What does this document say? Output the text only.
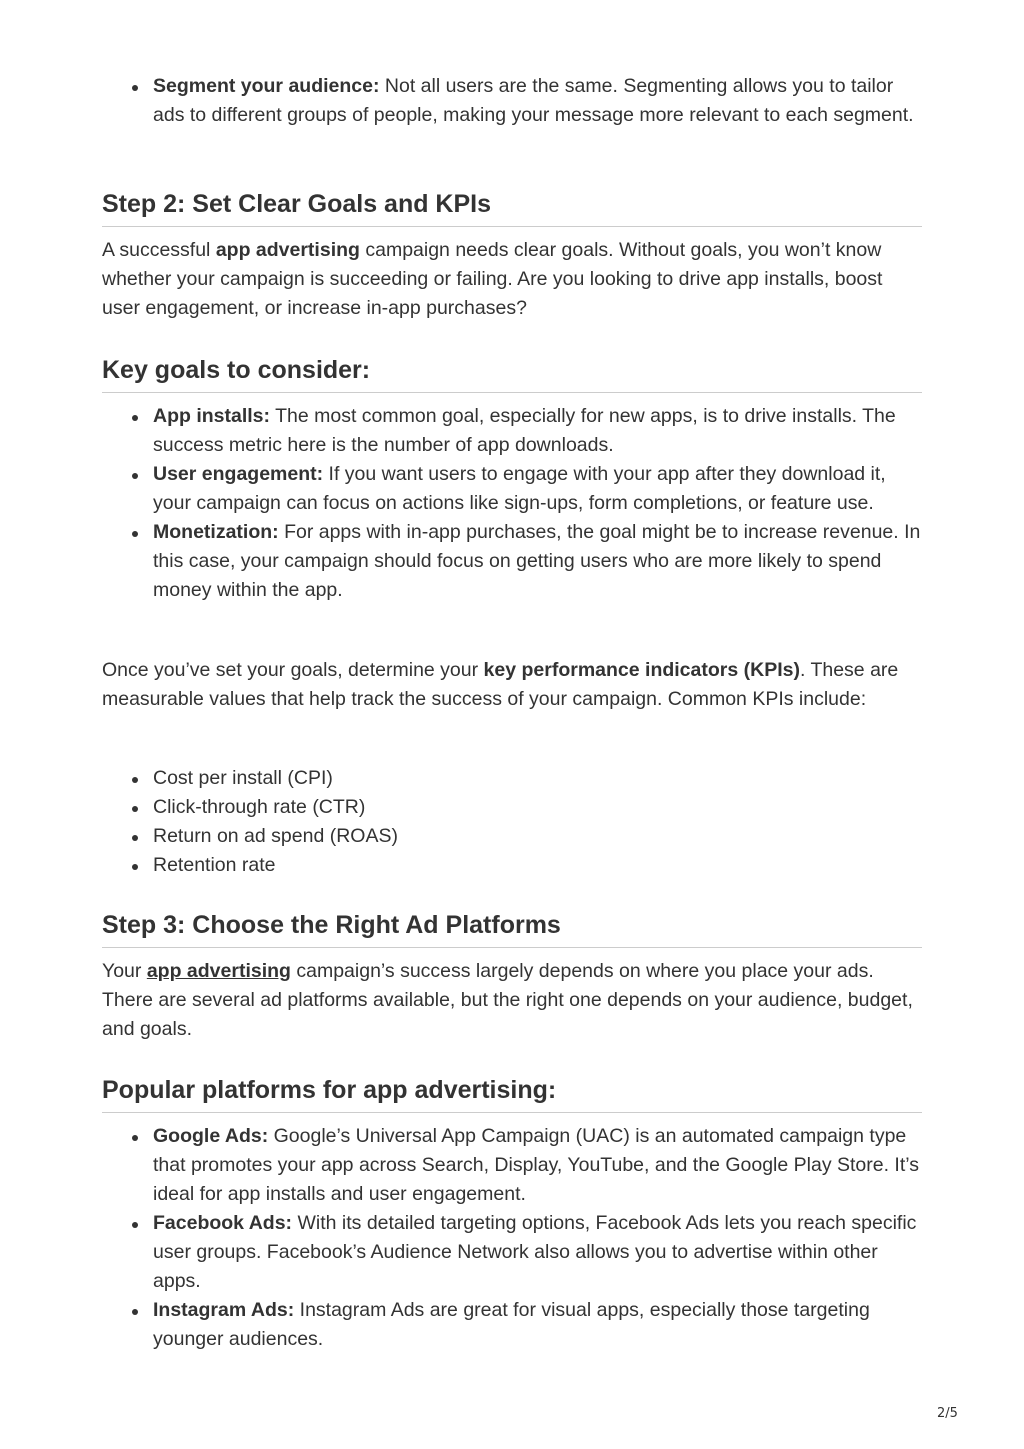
Segment your audience: Not all users are the same. Segmenting allows you to tailor ads to different groups of people, making your message more relevant to each segment.
Step 2: Set Clear Goals and KPIs

A successful app advertising campaign needs clear goals. Without goals, you won’t know whether your campaign is succeeding or failing. Are you looking to drive app installs, boost user engagement, or increase in-app purchases?

Key goals to consider:
App installs: The most common goal, especially for new apps, is to drive installs. The success metric here is the number of app downloads.
User engagement: If you want users to engage with your app after they download it, your campaign can focus on actions like sign-ups, form completions, or feature use.
Monetization: For apps with in-app purchases, the goal might be to increase revenue. In this case, your campaign should focus on getting users who are more likely to spend money within the app.

Once you’ve set your goals, determine your key performance indicators (KPIs). These are measurable values that help track the success of your campaign. Common KPIs include:

Cost per install (CPI)
Click-through rate (CTR)
Return on ad spend (ROAS)
Retention rate
Step 3: Choose the Right Ad Platforms

Your app advertising campaign’s success largely depends on where you place your ads. There are several ad platforms available, but the right one depends on your audience, budget, and goals.

Popular platforms for app advertising:
Google Ads: Google’s Universal App Campaign (UAC) is an automated campaign type that promotes your app across Search, Display, YouTube, and the Google Play Store. It’s ideal for app installs and user engagement.
Facebook Ads: With its detailed targeting options, Facebook Ads lets you reach specific user groups. Facebook’s Audience Network also allows you to advertise within other apps.
Instagram Ads: Instagram Ads are great for visual apps, especially those targeting younger audiences.
2/5
